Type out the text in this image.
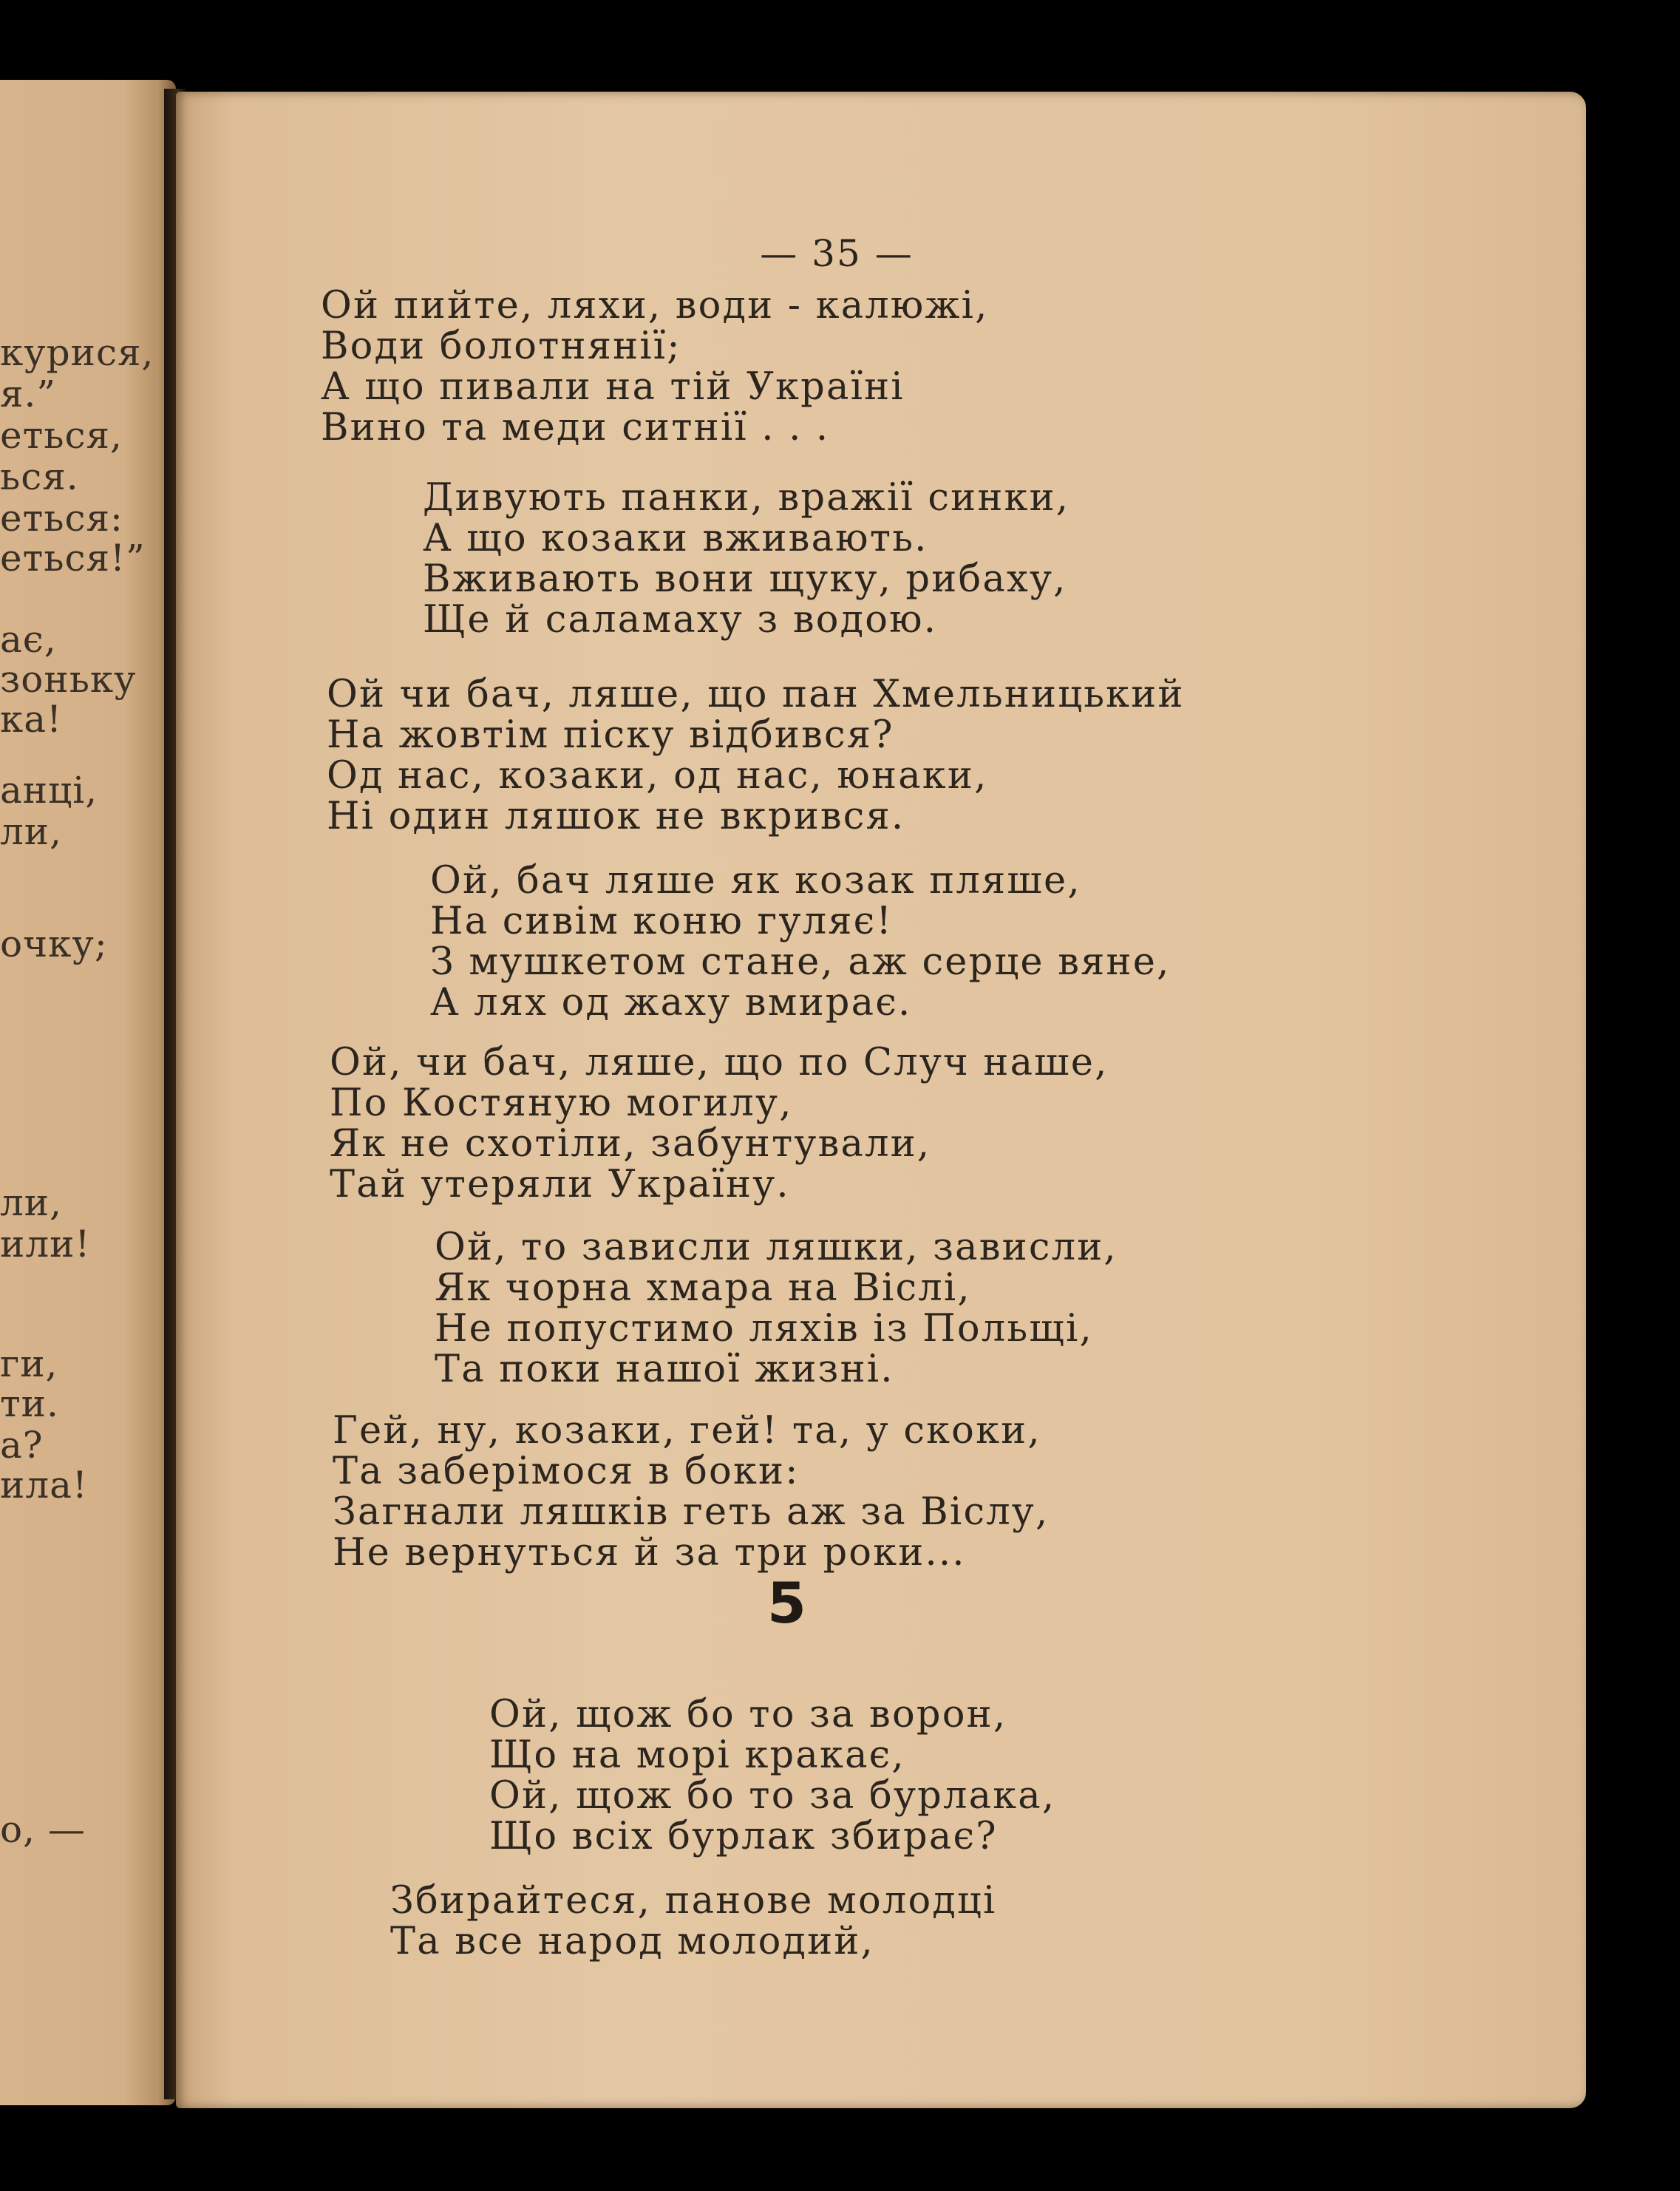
курися,
я.”
еться,
ься.
еться:
еться!”
ає,
зоньку
ка!
анці,
ли,
очку;
ли,
или!
ги,
ти.
а?
ила!
о, —
— 35 —
Ой пийте, ляхи, води - калюжі,
Води болотнянії;
А що пивали на тій Україні
Вино та меди ситнії . . .
Дивують панки, вражії синки,
А що козаки вживають.
Вживають вони щуку, рибаху,
Ще й саламаху з водою.
Ой чи бач, ляше, що пан Хмельницький
На жовтім піску відбився?
Од нас, козаки, од нас, юнаки,
Ні один ляшок не вкрився.
Ой, бач ляше як козак пляше,
На сивім коню гуляє!
З мушкетом стане, аж серце вяне,
А лях од жаху вмирає.
Ой, чи бач, ляше, що по Случ наше,
По Костяную могилу,
Як не схотіли, забунтували,
Тай утеряли Україну.
Ой, то зависли ляшки, зависли,
Як чорна хмара на Віслі,
Не попустимо ляхів із Польщі,
Та поки нашої жизні.
Гей, ну, козаки, гей! та, у скоки,
Та заберімося в боки:
Загнали ляшків геть аж за Віслу,
Не вернуться й за три роки...
5
Ой, щож бо то за ворон,
Що на морі кракає,
Ой, щож бо то за бурлака,
Що всіх бурлак збирає?
Збирайтеся, панове молодці
Та все народ молодий,
